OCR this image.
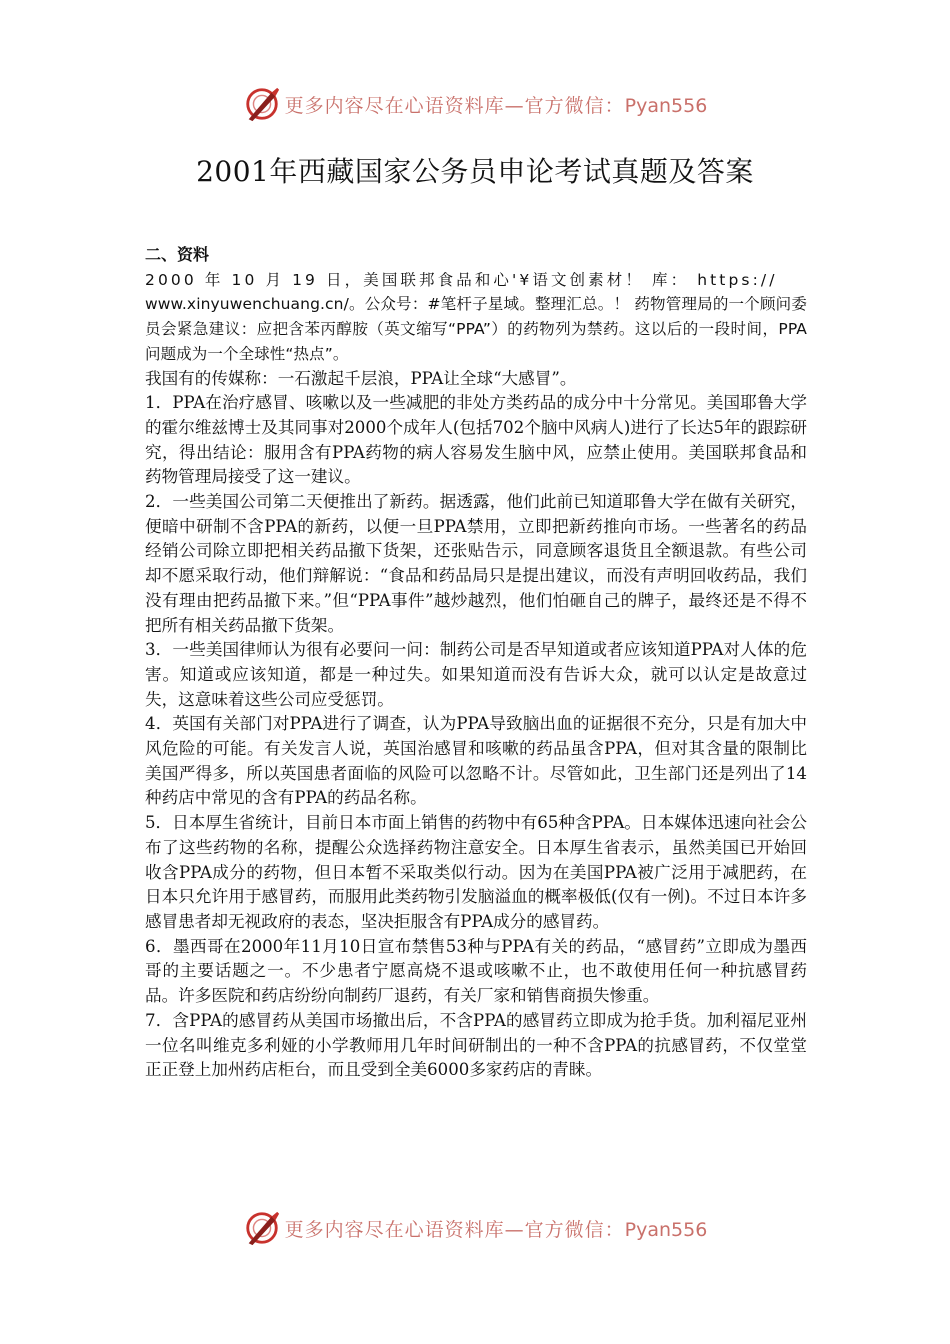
更多内容尽在心语资料库—官方微信：Pyan556
2001年西藏国家公务员申论考试真题及答案

二、资料

2000 年 10 月 19 日，美国联邦食品和心'¥语文创素材！ 库： https://
www.xinyuwenchuang.cn/。公众号：#笔杆子星域。整理汇总。！ 药物管理局的一个顾问委员会紧急建议：应把含苯丙醇胺（英文缩写“PPA”）的药物列为禁药。这以后的一段时间，PPA问题成为一个全球性“热点”。

我国有的传媒称：一石激起千层浪，PPA让全球“大感冒”。

1．PPA在治疗感冒、咳嗽以及一些减肥的非处方类药品的成分中十分常见。美国耶鲁大学的霍尔维兹博士及其同事对2000个成年人(包括702个脑中风病人)进行了长达5年的跟踪研究，得出结论：服用含有PPA药物的病人容易发生脑中风，应禁止使用。美国联邦食品和药物管理局接受了这一建议。

2．一些美国公司第二天便推出了新药。据透露，他们此前已知道耶鲁大学在做有关研究，便暗中研制不含PPA的新药，以便一旦PPA禁用，立即把新药推向市场。一些著名的药品经销公司除立即把相关药品撤下货架，还张贴告示，同意顾客退货且全额退款。有些公司却不愿采取行动，他们辩解说：“食品和药品局只是提出建议，而没有声明回收药品，我们没有理由把药品撤下来。”但“PPA事件”越炒越烈，他们怕砸自己的牌子，最终还是不得不把所有相关药品撤下货架。

3．一些美国律师认为很有必要问一问：制药公司是否早知道或者应该知道PPA对人体的危害。知道或应该知道，都是一种过失。如果知道而没有告诉大众，就可以认定是故意过失，这意味着这些公司应受惩罚。

4．英国有关部门对PPA进行了调查，认为PPA导致脑出血的证据很不充分，只是有加大中风危险的可能。有关发言人说，英国治感冒和咳嗽的药品虽含PPA，但对其含量的限制比美国严得多，所以英国患者面临的风险可以忽略不计。尽管如此，卫生部门还是列出了14种药店中常见的含有PPA的药品名称。

5．日本厚生省统计，目前日本市面上销售的药物中有65种含PPA。日本媒体迅速向社会公布了这些药物的名称，提醒公众选择药物注意安全。日本厚生省表示，虽然美国已开始回收含PPA成分的药物，但日本暂不采取类似行动。因为在美国PPA被广泛用于减肥药，在日本只允许用于感冒药，而服用此类药物引发脑溢血的概率极低(仅有一例)。不过日本许多感冒患者却无视政府的表态，坚决拒服含有PPA成分的感冒药。

6．墨西哥在2000年11月10日宣布禁售53种与PPA有关的药品，“感冒药”立即成为墨西哥的主要话题之一。不少患者宁愿高烧不退或咳嗽不止，也不敢使用任何一种抗感冒药品。许多医院和药店纷纷向制药厂退药，有关厂家和销售商损失惨重。

7．含PPA的感冒药从美国市场撤出后，不含PPA的感冒药立即成为抢手货。加利福尼亚州一位名叫维克多利娅的小学教师用几年时间研制出的一种不含PPA的抗感冒药，不仅堂堂正正登上加州药店柜台，而且受到全美6000多家药店的青睐。

更多内容尽在心语资料库—官方微信：Pyan556
